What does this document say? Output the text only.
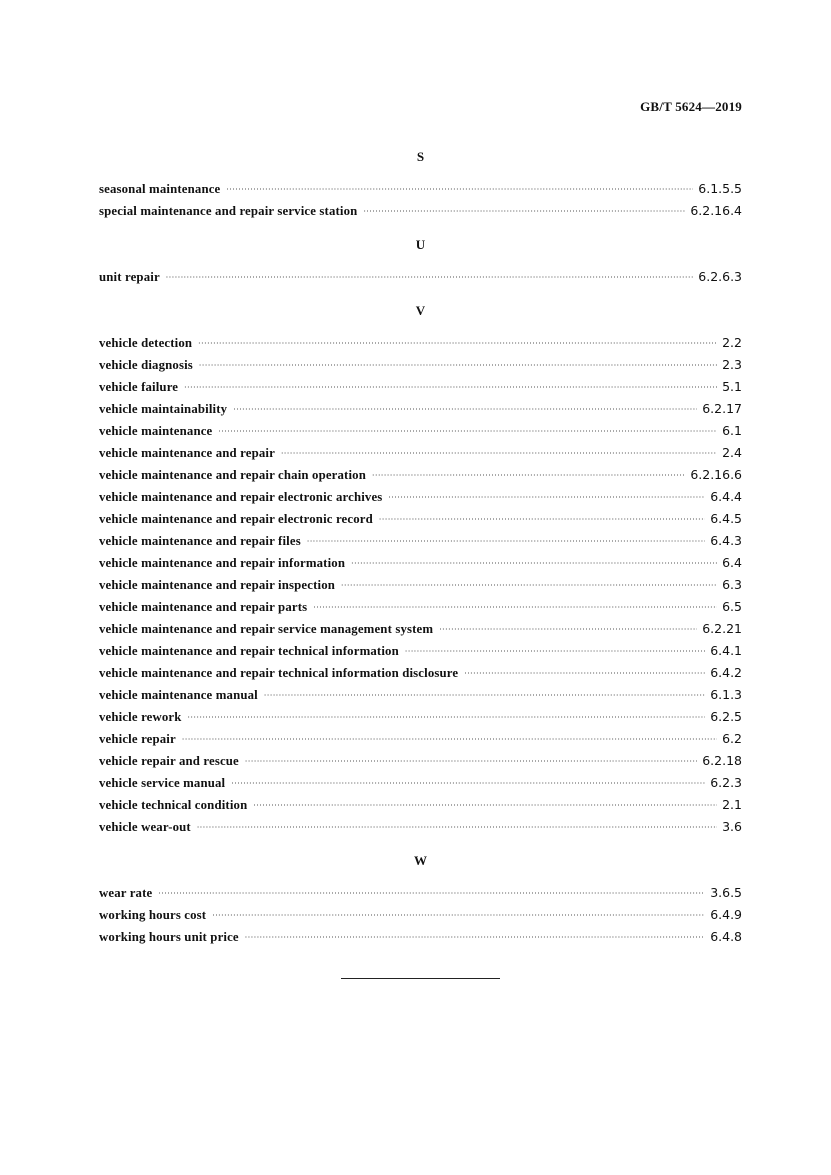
GB/T 5624—2019
S
seasonal maintenance ·····	6.1.5.5
special maintenance and repair service station ·····	6.2.16.4
U
unit repair ·····	6.2.6.3
V
vehicle detection ·····	2.2
vehicle diagnosis ·····	2.3
vehicle failure ·····	5.1
vehicle maintainability ·····	6.2.17
vehicle maintenance ·····	6.1
vehicle maintenance and repair ·····	2.4
vehicle maintenance and repair chain operation ·····	6.2.16.6
vehicle maintenance and repair electronic archives ·····	6.4.4
vehicle maintenance and repair electronic record ·····	6.4.5
vehicle maintenance and repair files ·····	6.4.3
vehicle maintenance and repair information ·····	6.4
vehicle maintenance and repair inspection ·····	6.3
vehicle maintenance and repair parts ·····	6.5
vehicle maintenance and repair service management system ·····	6.2.21
vehicle maintenance and repair technical information ·····	6.4.1
vehicle maintenance and repair technical information disclosure ·····	6.4.2
vehicle maintenance manual ·····	6.1.3
vehicle rework ·····	6.2.5
vehicle repair ·····	6.2
vehicle repair and rescue ·····	6.2.18
vehicle service manual ·····	6.2.3
vehicle technical condition ·····	2.1
vehicle wear-out ·····	3.6
W
wear rate ·····	3.6.5
working hours cost ·····	6.4.9
working hours unit price ·····	6.4.8
